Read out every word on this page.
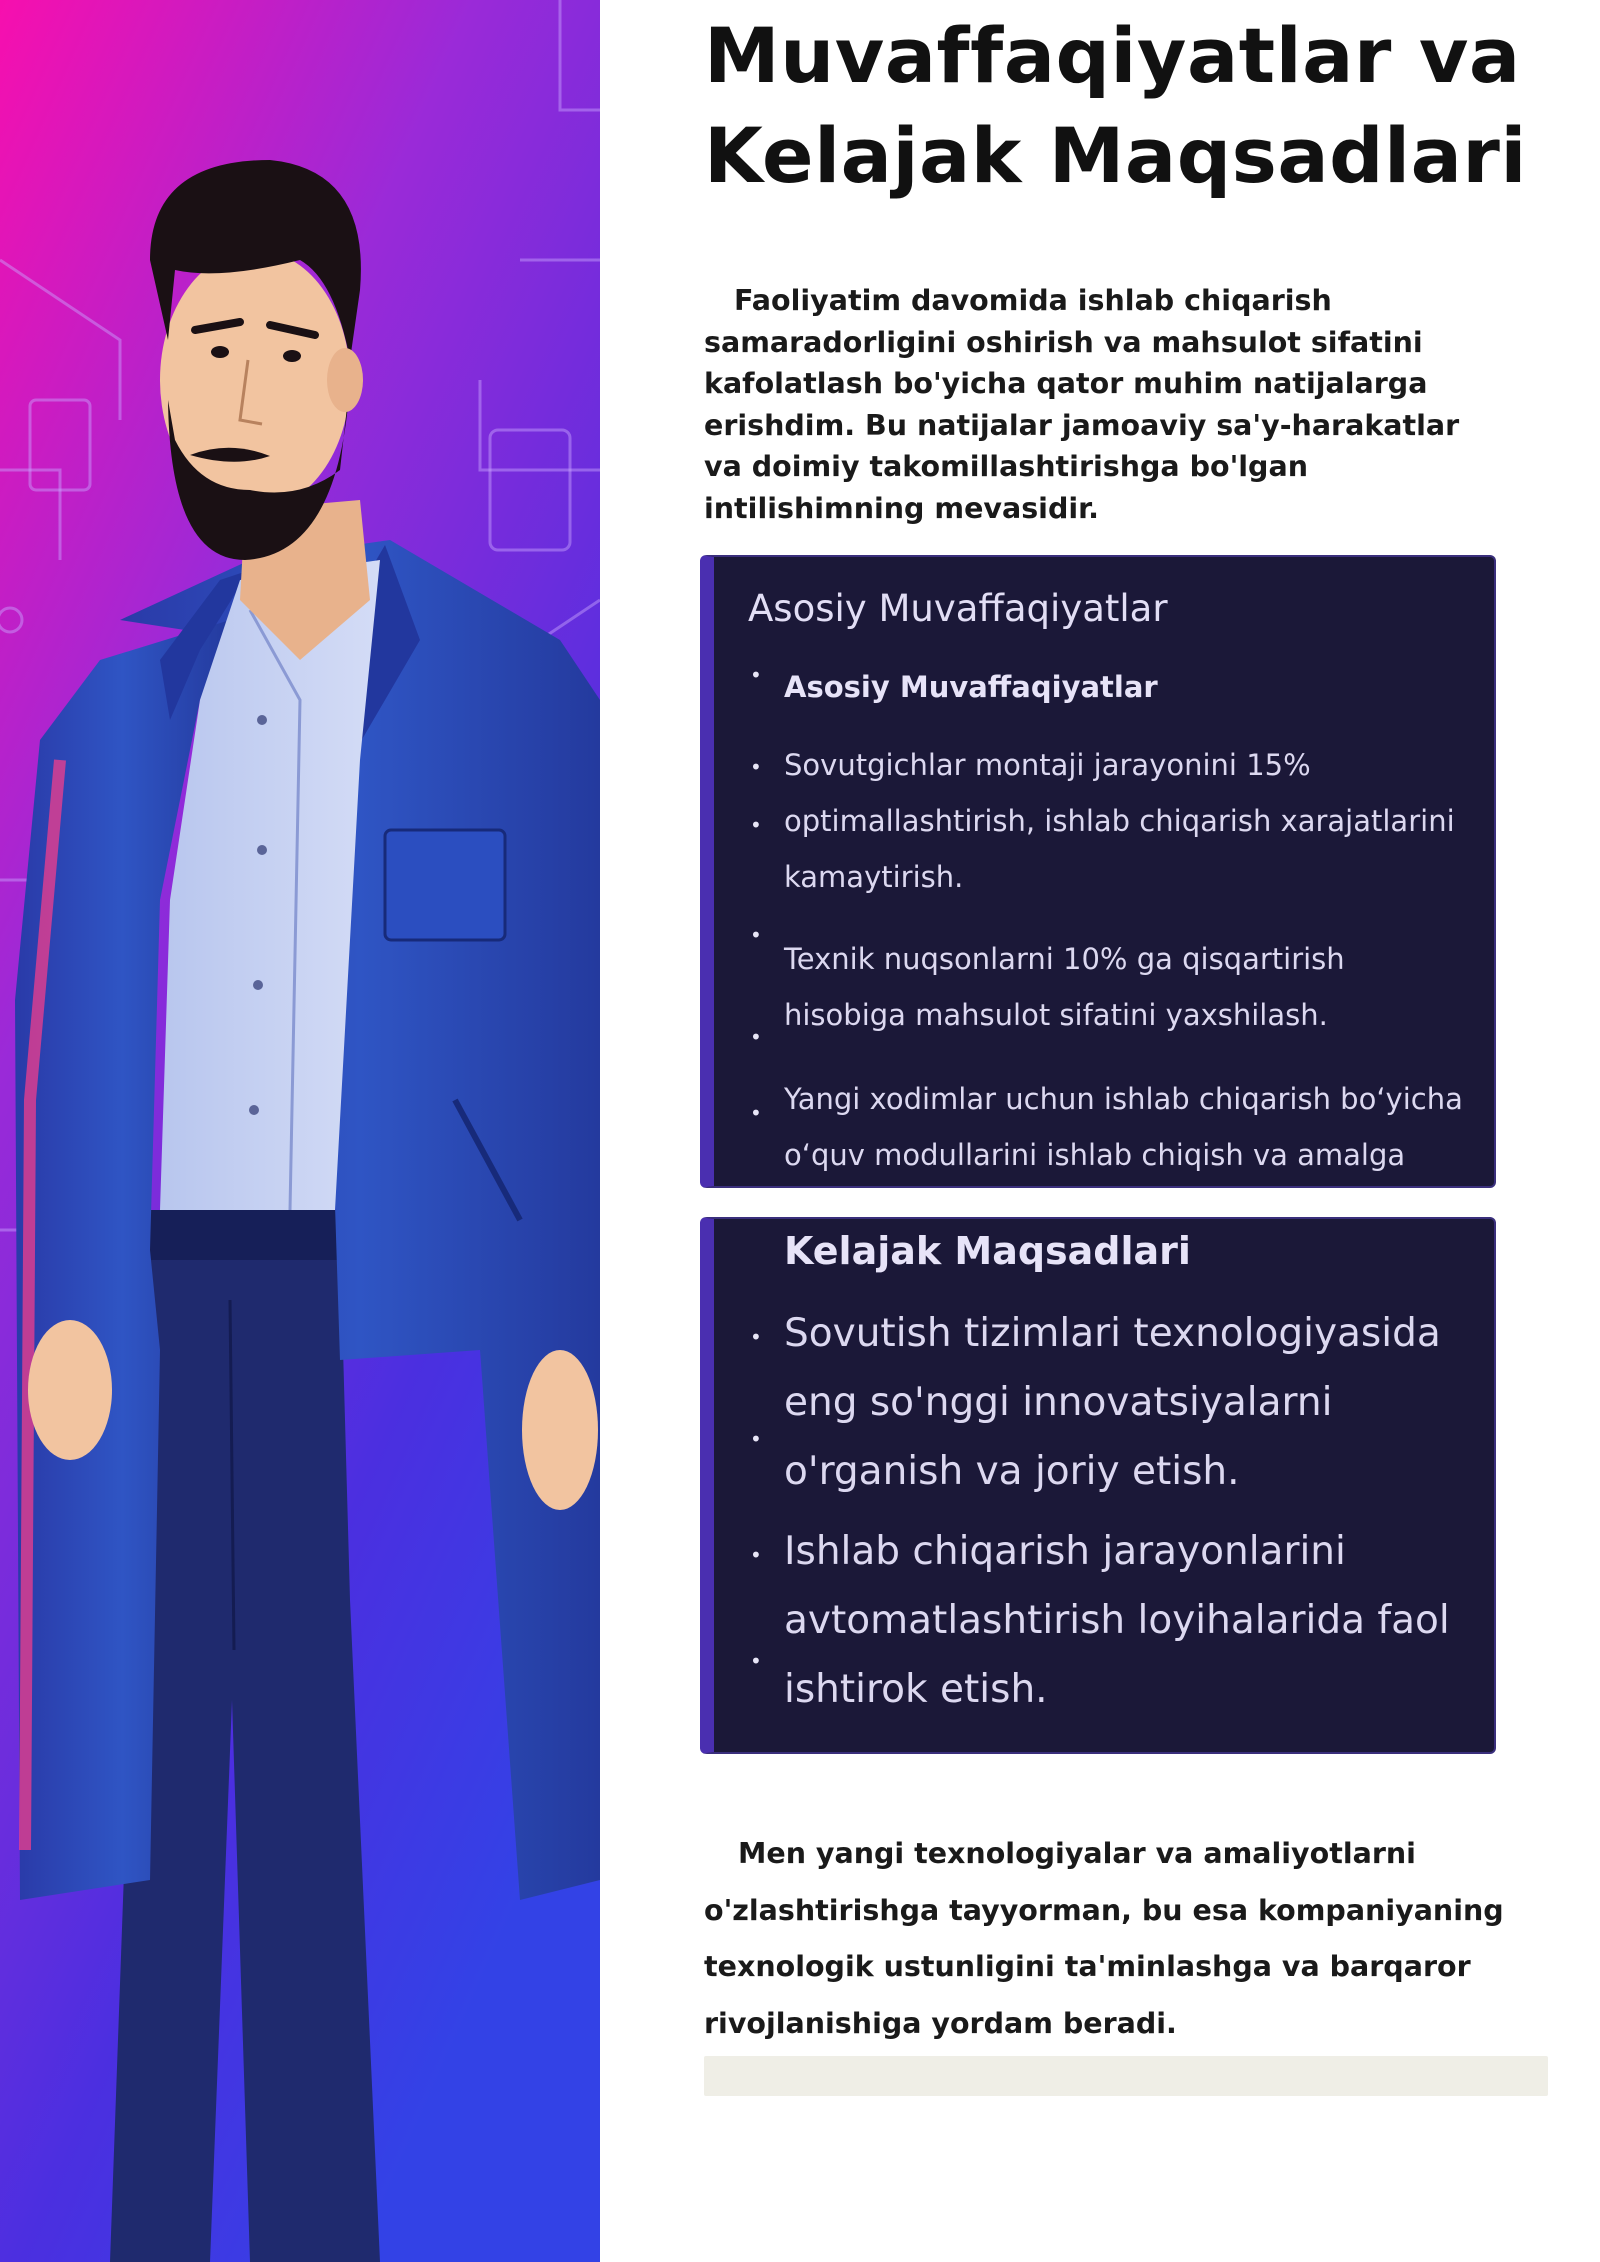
Muvaffaqiyatlar va Kelajak Maqsadlari

Faoliyatim davomida ishlab chiqarish samaradorligini oshirish va mahsulot sifatini kafolatlash bo'yicha qator muhim natijalarga erishdim. Bu natijalar jamoaviy sa'y-harakatlar va doimiy takomillashtirishga bo'lgan intilishimning mevasidir.

Asosiy Muvaffaqiyatlar
• Asosiy Muvaffaqiyatlar
•
•
Sovutgichlar montaji jarayonini 15% optimallashtirish, ishlab chiqarish xarajatlarini kamaytirish.
•
•
Texnik nuqsonlarni 10% ga qisqartirish hisobiga mahsulot sifatini yaxshilash.
• Yangi xodimlar uchun ishlab chiqarish bo‘yicha o‘quv modullarini ishlab chiqish va amalga
Kelajak Maqsadlari
•
•
Sovutish tizimlari texnologiyasida eng so'nggi innovatsiyalarni o'rganish va joriy etish.
•
•
Ishlab chiqarish jarayonlarini avtomatlashtirish loyihalarida faol ishtirok etish.

Men yangi texnologiyalar va amaliyotlarni o'zlashtirishga tayyorman, bu esa kompaniyaning texnologik ustunligini ta'minlashga va barqaror rivojlanishiga yordam beradi.
